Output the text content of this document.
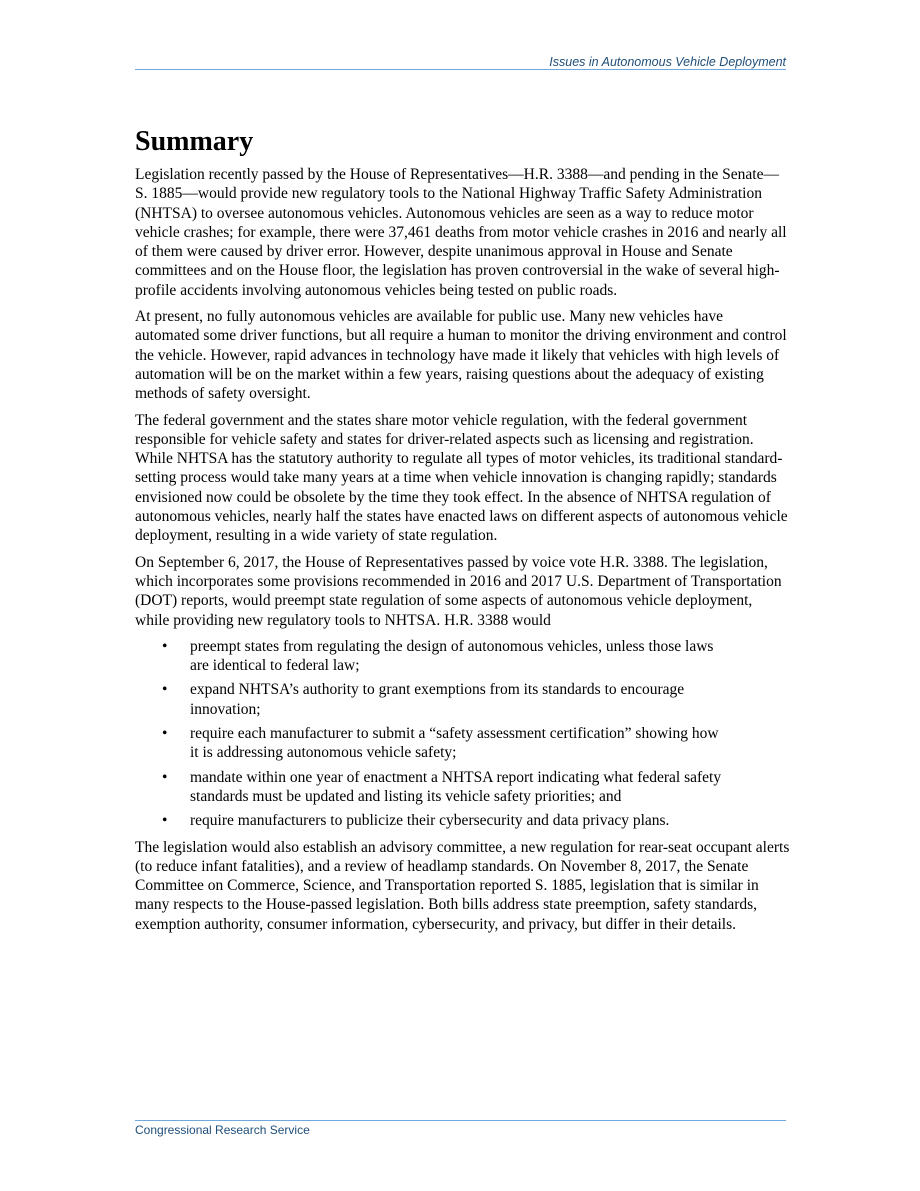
Issues in Autonomous Vehicle Deployment
Summary

Legislation recently passed by the House of Representatives—H.R. 3388—and pending in the Senate—S. 1885—would provide new regulatory tools to the National Highway Traffic Safety Administration (NHTSA) to oversee autonomous vehicles. Autonomous vehicles are seen as a way to reduce motor vehicle crashes; for example, there were 37,461 deaths from motor vehicle crashes in 2016 and nearly all of them were caused by driver error. However, despite unanimous approval in House and Senate committees and on the House floor, the legislation has proven controversial in the wake of several high-profile accidents involving autonomous vehicles being tested on public roads.

At present, no fully autonomous vehicles are available for public use. Many new vehicles have automated some driver functions, but all require a human to monitor the driving environment and control the vehicle. However, rapid advances in technology have made it likely that vehicles with high levels of automation will be on the market within a few years, raising questions about the adequacy of existing methods of safety oversight.

The federal government and the states share motor vehicle regulation, with the federal government responsible for vehicle safety and states for driver-related aspects such as licensing and registration. While NHTSA has the statutory authority to regulate all types of motor vehicles, its traditional standard-setting process would take many years at a time when vehicle innovation is changing rapidly; standards envisioned now could be obsolete by the time they took effect. In the absence of NHTSA regulation of autonomous vehicles, nearly half the states have enacted laws on different aspects of autonomous vehicle deployment, resulting in a wide variety of state regulation.

On September 6, 2017, the House of Representatives passed by voice vote H.R. 3388. The legislation, which incorporates some provisions recommended in 2016 and 2017 U.S. Department of Transportation (DOT) reports, would preempt state regulation of some aspects of autonomous vehicle deployment, while providing new regulatory tools to NHTSA. H.R. 3388 would

• preempt states from regulating the design of autonomous vehicles, unless those laws are identical to federal law;
• expand NHTSA’s authority to grant exemptions from its standards to encourage innovation;
• require each manufacturer to submit a “safety assessment certification” showing how it is addressing autonomous vehicle safety;
• mandate within one year of enactment a NHTSA report indicating what federal safety standards must be updated and listing its vehicle safety priorities; and
• require manufacturers to publicize their cybersecurity and data privacy plans.

The legislation would also establish an advisory committee, a new regulation for rear-seat occupant alerts (to reduce infant fatalities), and a review of headlamp standards. On November 8, 2017, the Senate Committee on Commerce, Science, and Transportation reported S. 1885, legislation that is similar in many respects to the House-passed legislation. Both bills address state preemption, safety standards, exemption authority, consumer information, cybersecurity, and privacy, but differ in their details.

Congressional Research Service
